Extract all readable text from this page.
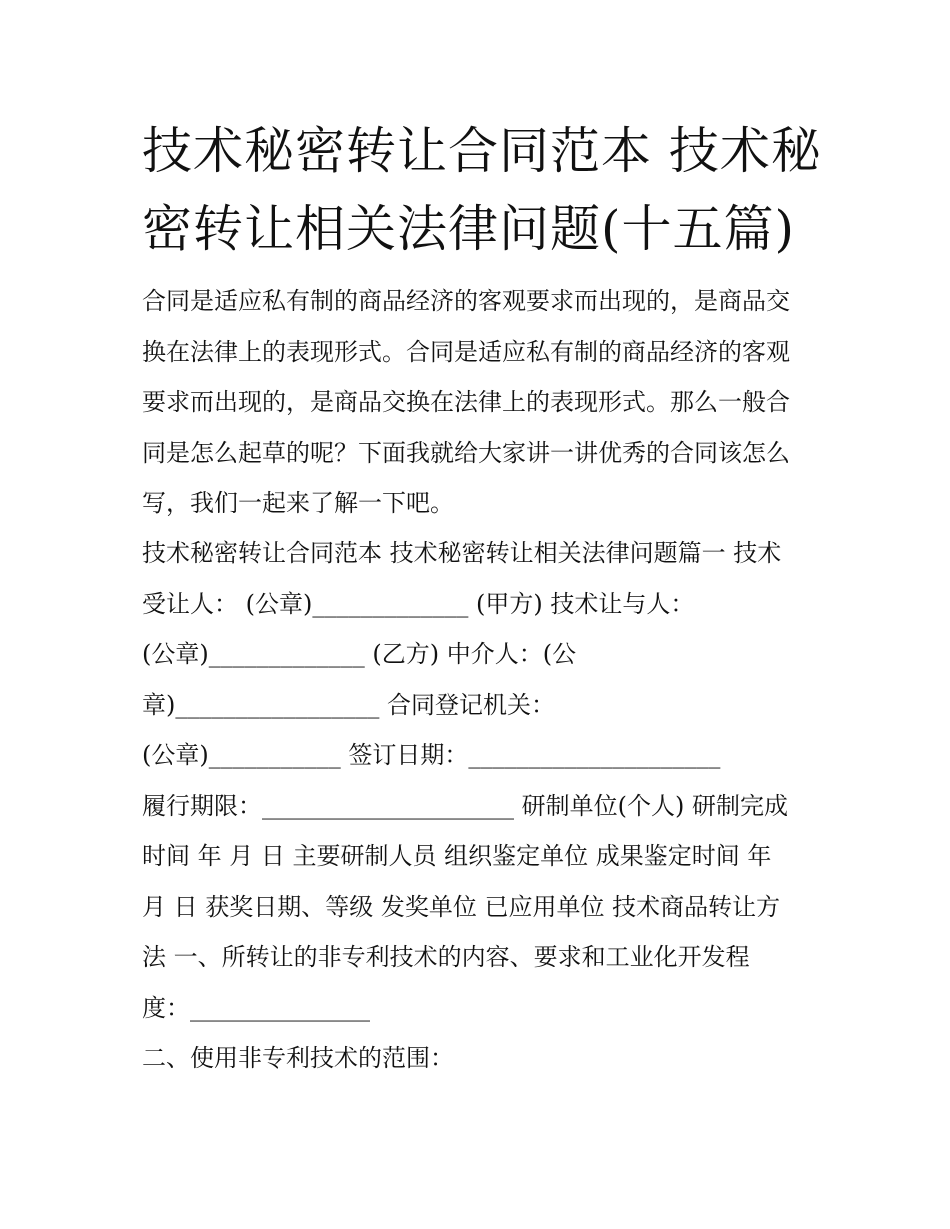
技术秘密转让合同范本 技术秘
密转让相关法律问题(十五篇)
合同是适应私有制的商品经济的客观要求而出现的，是商品交
换在法律上的表现形式。合同是适应私有制的商品经济的客观
要求而出现的，是商品交换在法律上的表现形式。那么一般合
同是怎么起草的呢？下面我就给大家讲一讲优秀的合同该怎么
写，我们一起来了解一下吧。
技术秘密转让合同范本 技术秘密转让相关法律问题篇一 技术
受让人： (公章)_____________ (甲方) 技术让与人：
(公章)_____________ (乙方) 中介人：(公
章)_________________ 合同登记机关：
(公章)___________ 签订日期：_____________________
履行期限：_____________________ 研制单位(个人) 研制完成
时间 年 月 日 主要研制人员 组织鉴定单位 成果鉴定时间 年
月 日 获奖日期、等级 发奖单位 已应用单位 技术商品转让方
法 一、所转让的非专利技术的内容、要求和工业化开发程
度：_______________
二、使用非专利技术的范围：
